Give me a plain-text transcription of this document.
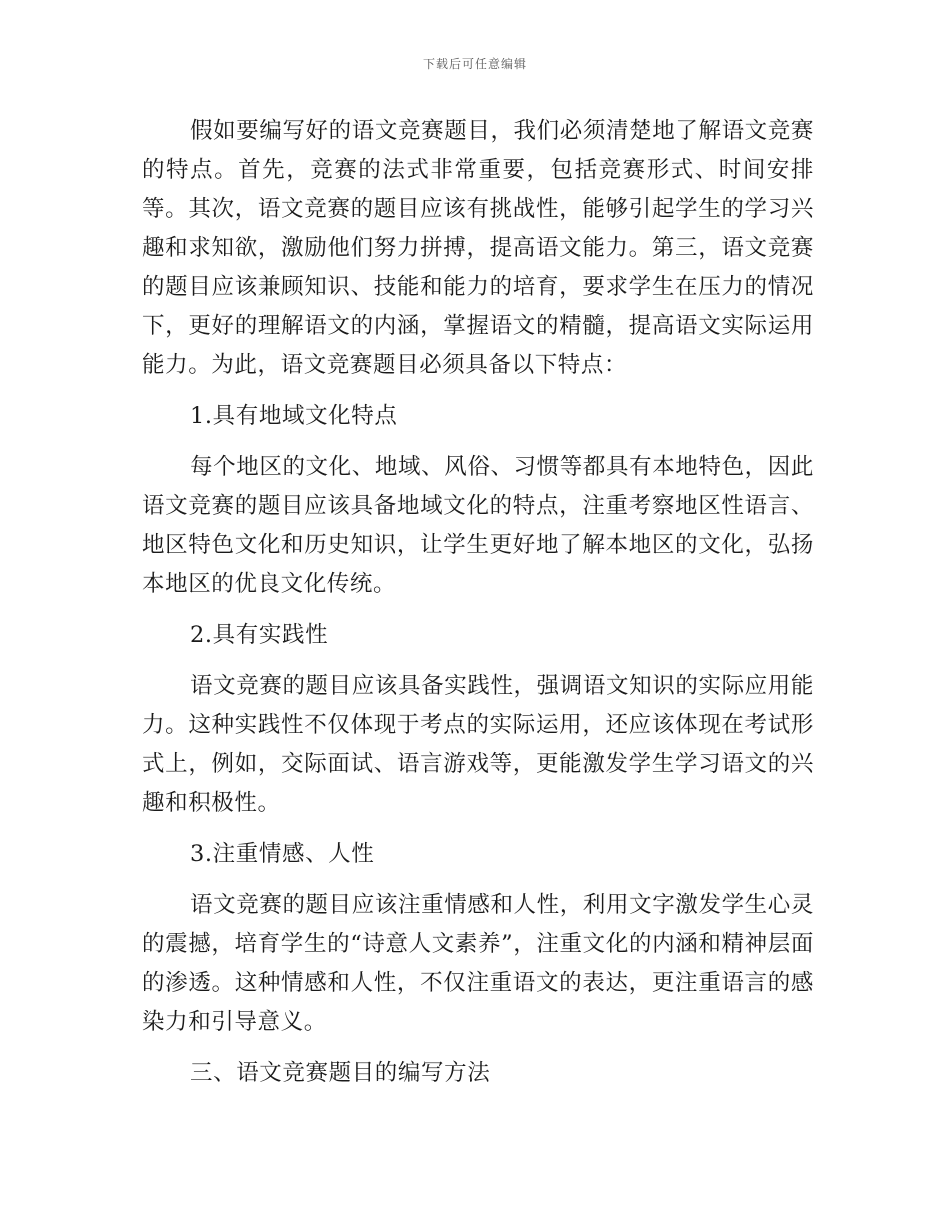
下载后可任意编辑

假如要编写好的语文竞赛题目，我们必须清楚地了解语文竞赛的特点。首先，竞赛的法式非常重要，包括竞赛形式、时间安排等。其次，语文竞赛的题目应该有挑战性，能够引起学生的学习兴趣和求知欲，激励他们努力拼搏，提高语文能力。第三，语文竞赛的题目应该兼顾知识、技能和能力的培育，要求学生在压力的情况下，更好的理解语文的内涵，掌握语文的精髓，提高语文实际运用能力。为此，语文竞赛题目必须具备以下特点：

1.具有地域文化特点

每个地区的文化、地域、风俗、习惯等都具有本地特色，因此语文竞赛的题目应该具备地域文化的特点，注重考察地区性语言、地区特色文化和历史知识，让学生更好地了解本地区的文化，弘扬本地区的优良文化传统。

2.具有实践性

语文竞赛的题目应该具备实践性，强调语文知识的实际应用能力。这种实践性不仅体现于考点的实际运用，还应该体现在考试形式上，例如，交际面试、语言游戏等，更能激发学生学习语文的兴趣和积极性。

3.注重情感、人性

语文竞赛的题目应该注重情感和人性，利用文字激发学生心灵的震撼，培育学生的“诗意人文素养”，注重文化的内涵和精神层面的渗透。这种情感和人性，不仅注重语文的表达，更注重语言的感染力和引导意义。

三、语文竞赛题目的编写方法
